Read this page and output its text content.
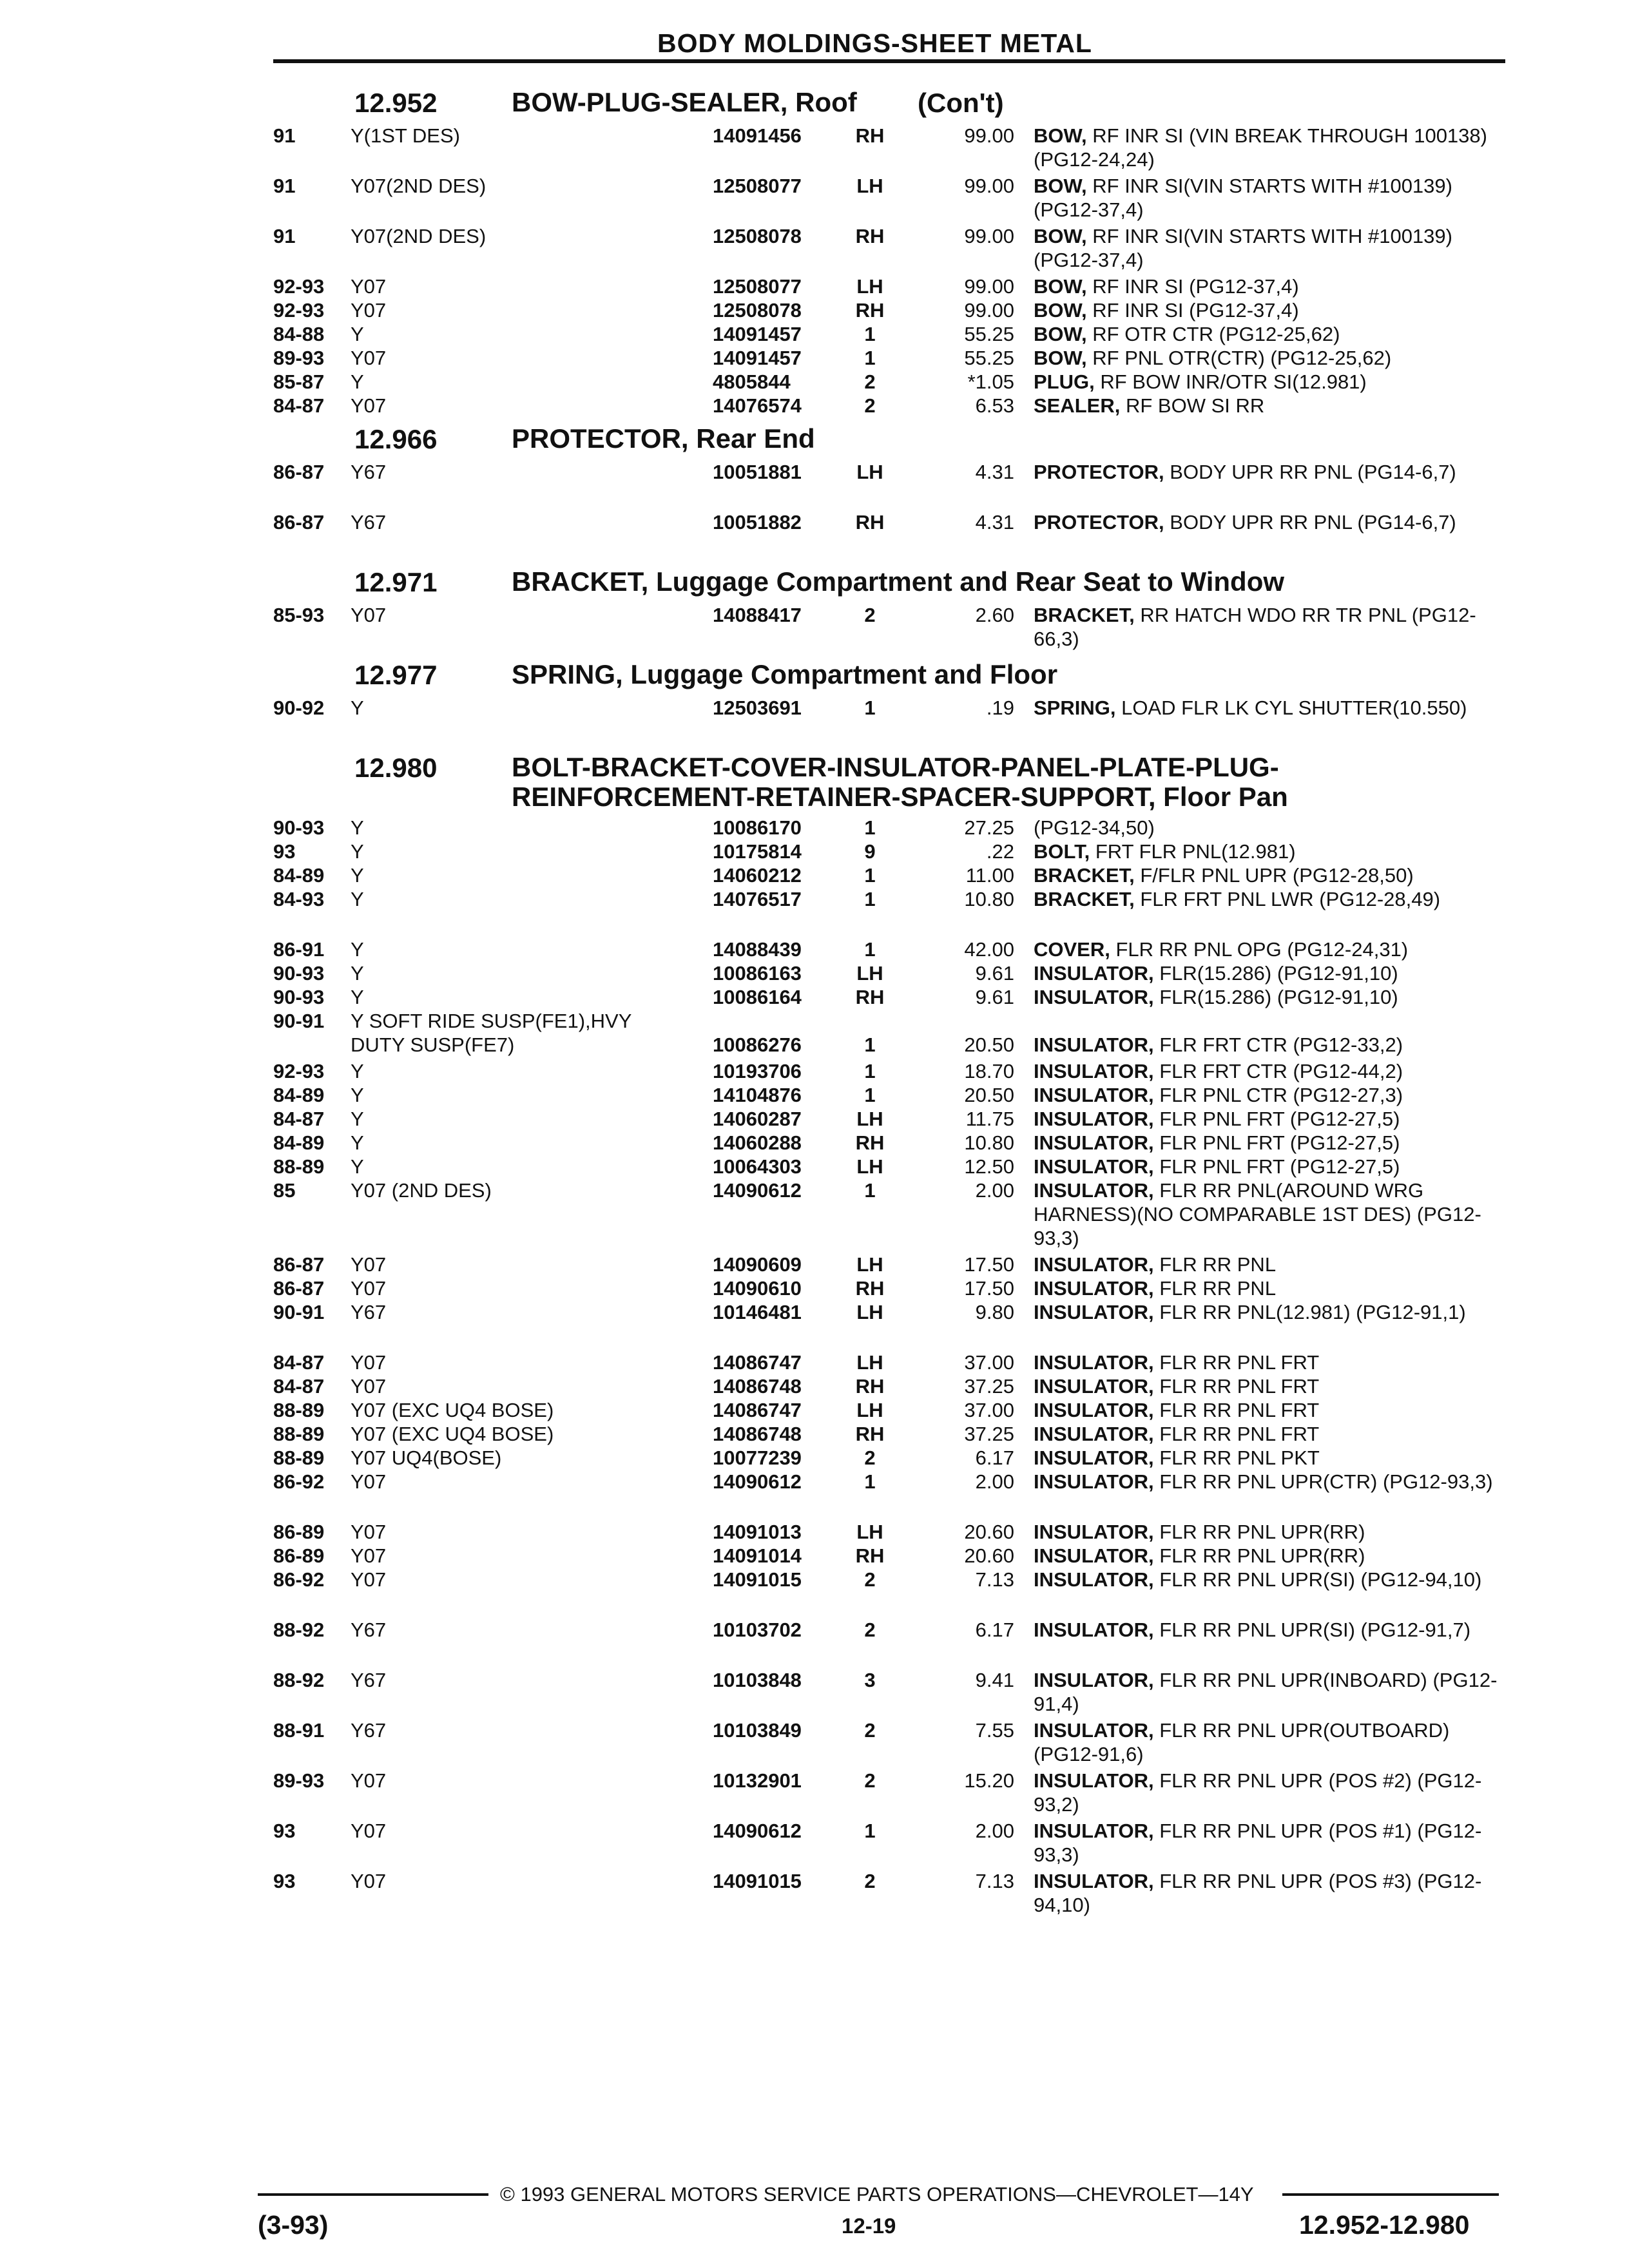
BODY MOLDINGS-SHEET METAL
12.952	BOW-PLUG-SEALER, Roof (Con't)
91	Y(1ST DES)	14091456	RH	99.00 BOW, RF INR SI (VIN BREAK THROUGH 100138) (PG12-24,24)
91	Y07(2ND DES)	12508077	LH	99.00 BOW, RF INR SI(VIN STARTS WITH #100139) (PG12-37,4)
91	Y07(2ND DES)	12508078	RH	99.00 BOW, RF INR SI(VIN STARTS WITH #100139) (PG12-37,4)
92-93 Y07	12508077	LH	99.00 BOW, RF INR SI (PG12-37,4)
92-93 Y07	12508078	RH	99.00 BOW, RF INR SI (PG12-37,4)
84-88 Y	14091457	1	55.25 BOW, RF OTR CTR (PG12-25,62)
89-93 Y07	14091457	1	55.25 BOW, RF PNL OTR(CTR) (PG12-25,62)
85-87 Y	4805844	2	*1.05 PLUG, RF BOW INR/OTR SI(12.981)
84-87 Y07	14076574	2	6.53 SEALER, RF BOW SI RR
12.966	PROTECTOR, Rear End
86-87 Y67	10051881	LH	4.31 PROTECTOR, BODY UPR RR PNL (PG14-6,7)
86-87 Y67	10051882	RH	4.31 PROTECTOR, BODY UPR RR PNL (PG14-6,7)
12.971	BRACKET, Luggage Compartment and Rear Seat to Window
85-93 Y07	14088417	2	2.60 BRACKET, RR HATCH WDO RR TR PNL (PG12-66,3)
12.977	SPRING, Luggage Compartment and Floor
90-92 Y	12503691	1	.19 SPRING, LOAD FLR LK CYL SHUTTER(10.550)
12.980	BOLT-BRACKET-COVER-INSULATOR-PANEL-PLATE-PLUG-REINFORCEMENT-RETAINER-SPACER-SUPPORT, Floor Pan
90-93 Y	10086170	1	27.25 (PG12-34,50)
93	Y	10175814	9	.22 BOLT, FRT FLR PNL(12.981)
84-89 Y	14060212	1	11.00 BRACKET, F/FLR PNL UPR (PG12-28,50)
84-93 Y	14076517	1	10.80 BRACKET, FLR FRT PNL LWR (PG12-28,49)
86-91 Y	14088439	1	42.00 COVER, FLR RR PNL OPG (PG12-24,31)
90-93 Y	10086163	LH	9.61 INSULATOR, FLR(15.286) (PG12-91,10)
90-93 Y	10086164	RH	9.61 INSULATOR, FLR(15.286) (PG12-91,10)
90-91 Y SOFT RIDE SUSP(FE1),HVY DUTY SUSP(FE7)	10086276	1	20.50 INSULATOR, FLR FRT CTR (PG12-33,2)
92-93 Y	10193706	1	18.70 INSULATOR, FLR FRT CTR (PG12-44,2)
84-89 Y	14104876	1	20.50 INSULATOR, FLR PNL CTR (PG12-27,3)
84-87 Y	14060287	LH	11.75 INSULATOR, FLR PNL FRT (PG12-27,5)
84-89 Y	14060288	RH	10.80 INSULATOR, FLR PNL FRT (PG12-27,5)
88-89 Y	10064303	LH	12.50 INSULATOR, FLR PNL FRT (PG12-27,5)
85	Y07 (2ND DES)	14090612	1	2.00 INSULATOR, FLR RR PNL(AROUND WRG HARNESS)(NO COMPARABLE 1ST DES) (PG12-93,3)
86-87 Y07	14090609	LH	17.50 INSULATOR, FLR RR PNL
86-87 Y07	14090610	RH	17.50 INSULATOR, FLR RR PNL
90-91 Y67	10146481	LH	9.80 INSULATOR, FLR RR PNL(12.981) (PG12-91,1)
84-87 Y07	14086747	LH	37.00 INSULATOR, FLR RR PNL FRT
84-87 Y07	14086748	RH	37.25 INSULATOR, FLR RR PNL FRT
88-89 Y07 (EXC UQ4 BOSE)	14086747	LH	37.00 INSULATOR, FLR RR PNL FRT
88-89 Y07 (EXC UQ4 BOSE)	14086748	RH	37.25 INSULATOR, FLR RR PNL FRT
88-89 Y07 UQ4(BOSE)	10077239	2	6.17 INSULATOR, FLR RR PNL PKT
86-92 Y07	14090612	1	2.00 INSULATOR, FLR RR PNL UPR(CTR) (PG12-93,3)
86-89 Y07	14091013	LH	20.60 INSULATOR, FLR RR PNL UPR(RR)
86-89 Y07	14091014	RH	20.60 INSULATOR, FLR RR PNL UPR(RR)
86-92 Y07	14091015	2	7.13 INSULATOR, FLR RR PNL UPR(SI) (PG12-94,10)
88-92 Y67	10103702	2	6.17 INSULATOR, FLR RR PNL UPR(SI) (PG12-91,7)
88-92 Y67	10103848	3	9.41 INSULATOR, FLR RR PNL UPR(INBOARD) (PG12-91,4)
88-91 Y67	10103849	2	7.55 INSULATOR, FLR RR PNL UPR(OUTBOARD) (PG12-91,6)
89-93 Y07	10132901	2	15.20 INSULATOR, FLR RR PNL UPR (POS #2) (PG12-93,2)
93	Y07	14090612	1	2.00 INSULATOR, FLR RR PNL UPR (POS #1) (PG12-93,3)
93	Y07	14091015	2	7.13 INSULATOR, FLR RR PNL UPR (POS #3) (PG12-94,10)
© 1993 GENERAL MOTORS SERVICE PARTS OPERATIONS—CHEVROLET—14Y
(3-93)	12-19	12.952-12.980
